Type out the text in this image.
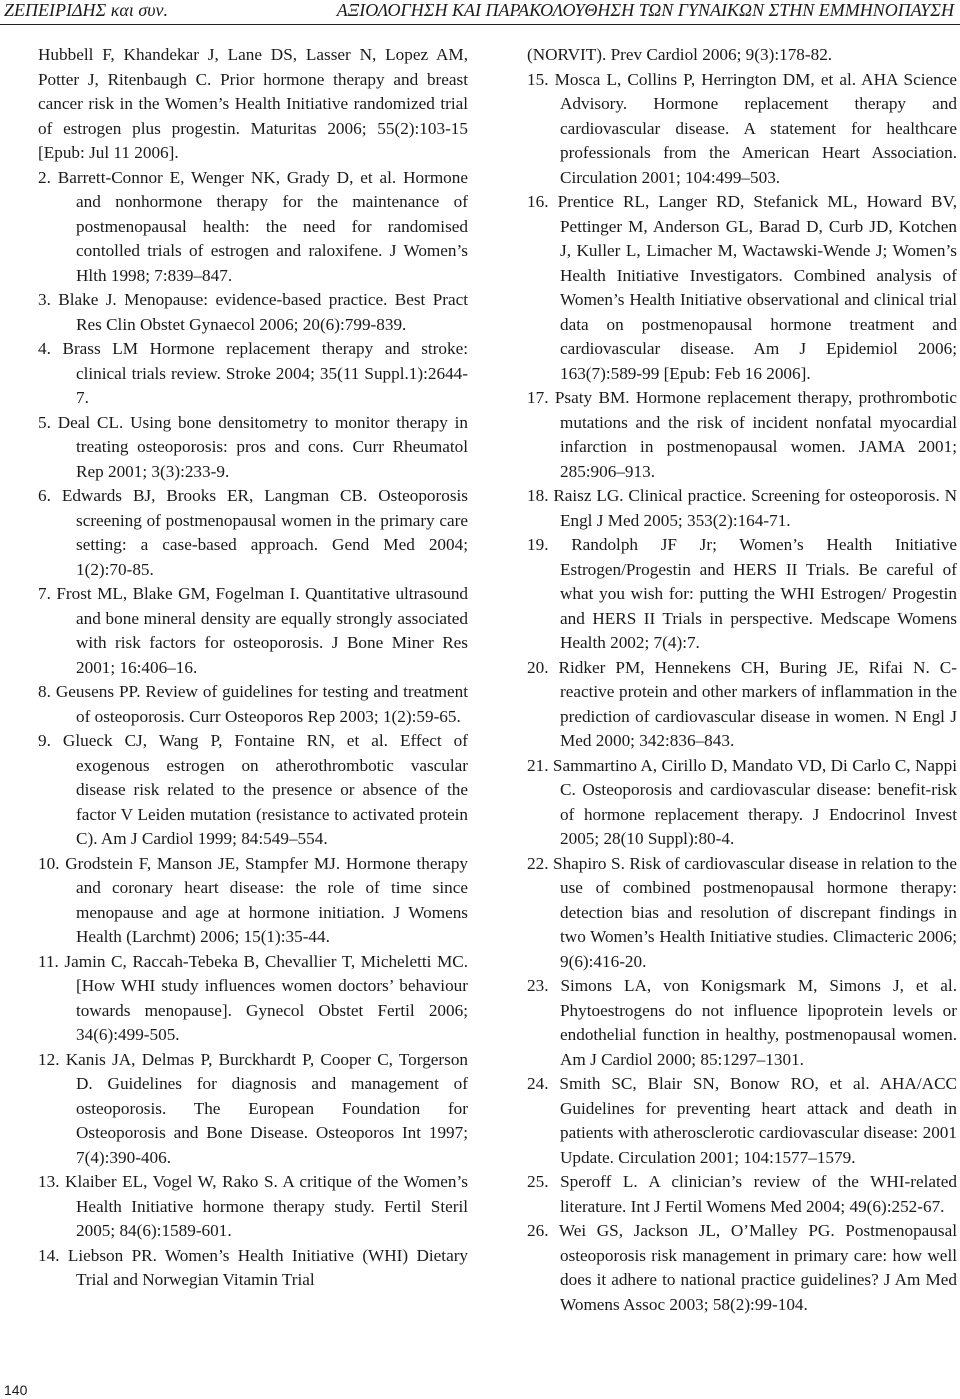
ΖΕΠΕΙΡΙΔΗΣ και συν.	ΑΞΙΟΛΟΓΗΣΗ ΚΑΙ ΠΑΡΑΚΟΛΟΥΘΗΣΗ ΤΩΝ ΓΥΝΑΙΚΩΝ ΣΤΗΝ ΕΜΜΗΝΟΠΑΥΣΗ
Hubbell F, Khandekar J, Lane DS, Lasser N, Lopez AM, Potter J, Ritenbaugh C. Prior hormone therapy and breast cancer risk in the Women’s Health Initiative randomized trial of estrogen plus progestin. Maturitas 2006; 55(2):103-15 [Epub: Jul 11 2006].
2. Barrett-Connor E, Wenger NK, Grady D, et al. Hormone and nonhormone therapy for the maintenance of postmenopausal health: the need for randomised contolled trials of estrogen and raloxifene. J Women’s Hlth 1998; 7:839–847.
3. Blake J. Menopause: evidence-based practice. Best Pract Res Clin Obstet Gynaecol 2006; 20(6):799-839.
4. Brass LM Hormone replacement therapy and stroke: clinical trials review. Stroke 2004; 35(11 Suppl.1):2644-7.
5. Deal CL. Using bone densitometry to monitor therapy in treating osteoporosis: pros and cons. Curr Rheumatol Rep 2001; 3(3):233-9.
6. Edwards BJ, Brooks ER, Langman CB. Osteoporosis screening of postmenopausal women in the primary care setting: a case-based approach. Gend Med 2004; 1(2):70-85.
7. Frost ML, Blake GM, Fogelman I. Quantitative ultrasound and bone mineral density are equally strongly associated with risk factors for osteoporosis. J Bone Miner Res 2001; 16:406–16.
8. Geusens PP. Review of guidelines for testing and treatment of osteoporosis. Curr Osteoporos Rep 2003; 1(2):59-65.
9. Glueck CJ, Wang P, Fontaine RN, et al. Effect of exogenous estrogen on atherothrombotic vascular disease risk related to the presence or absence of the factor V Leiden mutation (resistance to activated protein C). Am J Cardiol 1999; 84:549–554.
10. Grodstein F, Manson JE, Stampfer MJ. Hormone therapy and coronary heart disease: the role of time since menopause and age at hormone initiation. J Womens Health (Larchmt) 2006; 15(1):35-44.
11. Jamin C, Raccah-Tebeka B, Chevallier T, Micheletti MC. [How WHI study influences women doctors’ behaviour towards menopause]. Gynecol Obstet Fertil 2006; 34(6):499-505.
12. Kanis JA, Delmas P, Burckhardt P, Cooper C, Torgerson D. Guidelines for diagnosis and management of osteoporosis. The European Foundation for Osteoporosis and Bone Disease. Osteoporos Int 1997; 7(4):390-406.
13. Klaiber EL, Vogel W, Rako S. A critique of the Women’s Health Initiative hormone therapy study. Fertil Steril 2005; 84(6):1589-601.
14. Liebson PR. Women’s Health Initiative (WHI) Dietary Trial and Norwegian Vitamin Trial
(NORVIT). Prev Cardiol 2006; 9(3):178-82.
15. Mosca L, Collins P, Herrington DM, et al. AHA Science Advisory. Hormone replacement therapy and cardiovascular disease. A statement for healthcare professionals from the American Heart Association. Circulation 2001; 104:499–503.
16. Prentice RL, Langer RD, Stefanick ML, Howard BV, Pettinger M, Anderson GL, Barad D, Curb JD, Kotchen J, Kuller L, Limacher M, Wactawski-Wende J; Women’s Health Initiative Investigators. Combined analysis of Women’s Health Initiative observational and clinical trial data on postmenopausal hormone treatment and cardiovascular disease. Am J Epidemiol 2006; 163(7):589-99 [Epub: Feb 16 2006].
17. Psaty BM. Hormone replacement therapy, prothrombotic mutations and the risk of incident nonfatal myocardial infarction in postmenopausal women. JAMA 2001; 285:906–913.
18. Raisz LG. Clinical practice. Screening for osteoporosis. N Engl J Med 2005; 353(2):164-71.
19. Randolph JF Jr; Women’s Health Initiative Estrogen/Progestin and HERS II Trials. Be careful of what you wish for: putting the WHI Estrogen/ Progestin and HERS II Trials in perspective. Medscape Womens Health 2002; 7(4):7.
20. Ridker PM, Hennekens CH, Buring JE, Rifai N. C-reactive protein and other markers of inflammation in the prediction of cardiovascular disease in women. N Engl J Med 2000; 342:836–843.
21. Sammartino A, Cirillo D, Mandato VD, Di Carlo C, Nappi C. Osteoporosis and cardiovascular disease: benefit-risk of hormone replacement therapy. J Endocrinol Invest 2005; 28(10 Suppl):80-4.
22. Shapiro S. Risk of cardiovascular disease in relation to the use of combined postmenopausal hormone therapy: detection bias and resolution of discrepant findings in two Women’s Health Initiative studies. Climacteric 2006; 9(6):416-20.
23. Simons LA, von Konigsmark M, Simons J, et al. Phytoestrogens do not influence lipoprotein levels or endothelial function in healthy, postmenopausal women. Am J Cardiol 2000; 85:1297–1301.
24. Smith SC, Blair SN, Bonow RO, et al. AHA/ACC Guidelines for preventing heart attack and death in patients with atherosclerotic cardiovascular disease: 2001 Update. Circulation 2001; 104:1577–1579.
25. Speroff L. A clinician’s review of the WHI-related literature. Int J Fertil Womens Med 2004; 49(6):252-67.
26. Wei GS, Jackson JL, O’Malley PG. Postmenopausal osteoporosis risk management in primary care: how well does it adhere to national practice guidelines? J Am Med Womens Assoc 2003; 58(2):99-104.
140
